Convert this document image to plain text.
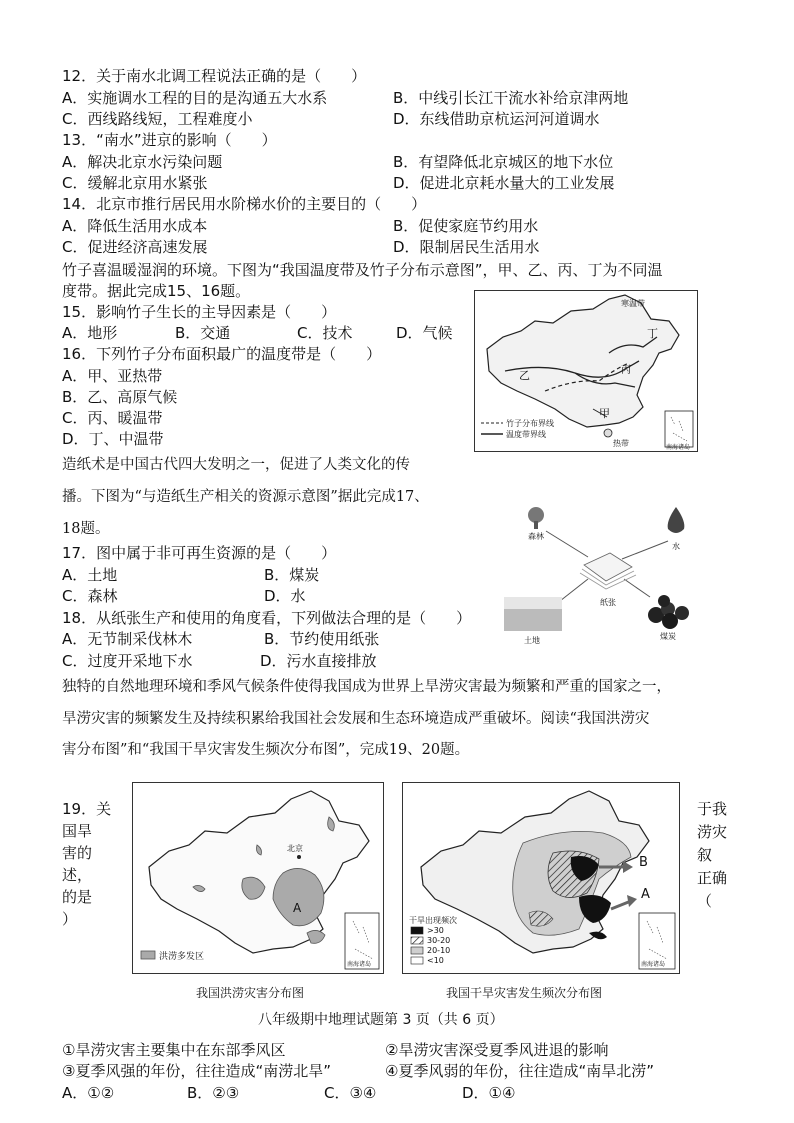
12．关于南水北调工程说法正确的是（　　）
A．实施调水工程的目的是沟通五大水系	B．中线引长江干流水补给京津两地
C．西线路线短，工程难度小	D．东线借助京杭运河河道调水
13．“南水”进京的影响（　　）
A．解决北京水污染问题	B．有望降低北京城区的地下水位
C．缓解北京用水紧张	D．促进北京耗水量大的工业发展
14．北京市推行居民用水阶梯水价的主要目的（　　）
A．降低生活用水成本	B．促使家庭节约用水
C．促进经济高速发展	D．限制居民生活用水
竹子喜温暖湿润的环境。下图为“我国温度带及竹子分布示意图”，甲、乙、丙、丁为不同温
度带。据此完成15、16题。
15．影响竹子生长的主导因素是（　　）
A．地形	B．交通	C．技术	D．气候
16．下列竹子分布面积最广的温度带是（　　）
A．甲、亚热带
B．乙、高原气候
C．丙、暖温带
D．丁、中温带
寒温带
丁
丙
乙
甲
热带
竹子分布界线
温度带界线
南海诸岛
造纸术是中国古代四大发明之一，促进了人类文化的传
播。下图为“与造纸生产相关的资源示意图”据此完成17、
18题。	森林
水
纸张
土地	煤炭
17．图中属于非可再生资源的是（　　）
A．土地	B．煤炭
C．森林	D．水
18．从纸张生产和使用的角度看，下列做法合理的是（　　）
A．无节制采伐林木	B．节约使用纸张
C．过度开采地下水	D．污水直接排放
独特的自然地理环境和季风气候条件使得我国成为世界上旱涝灾害最为频繁和严重的国家之一，
旱涝灾害的频繁发生及持续积累给我国社会发展和生态环境造成严重破坏。阅读“我国洪涝灾
害分布图”和“我国干旱灾害发生频次分布图”，完成19、20题。
19．关
国旱
害的
述，
的是
）
于我
涝灾
叙
正确
（
北京
A
洪涝多发区
南海诸岛
我国洪涝灾害分布图
B
A
干旱出现频次
>30
30-20
20-10
<10	南海诸岛
我国干旱灾害发生频次分布图
八年级期中地理试题第 3 页（共 6 页）
①旱涝灾害主要集中在东部季风区	②旱涝灾害深受夏季风进退的影响
③夏季风强的年份，往往造成“南涝北旱”	④夏季风弱的年份，往往造成“南旱北涝”
A．①②	B．②③	C．③④	D．①④
